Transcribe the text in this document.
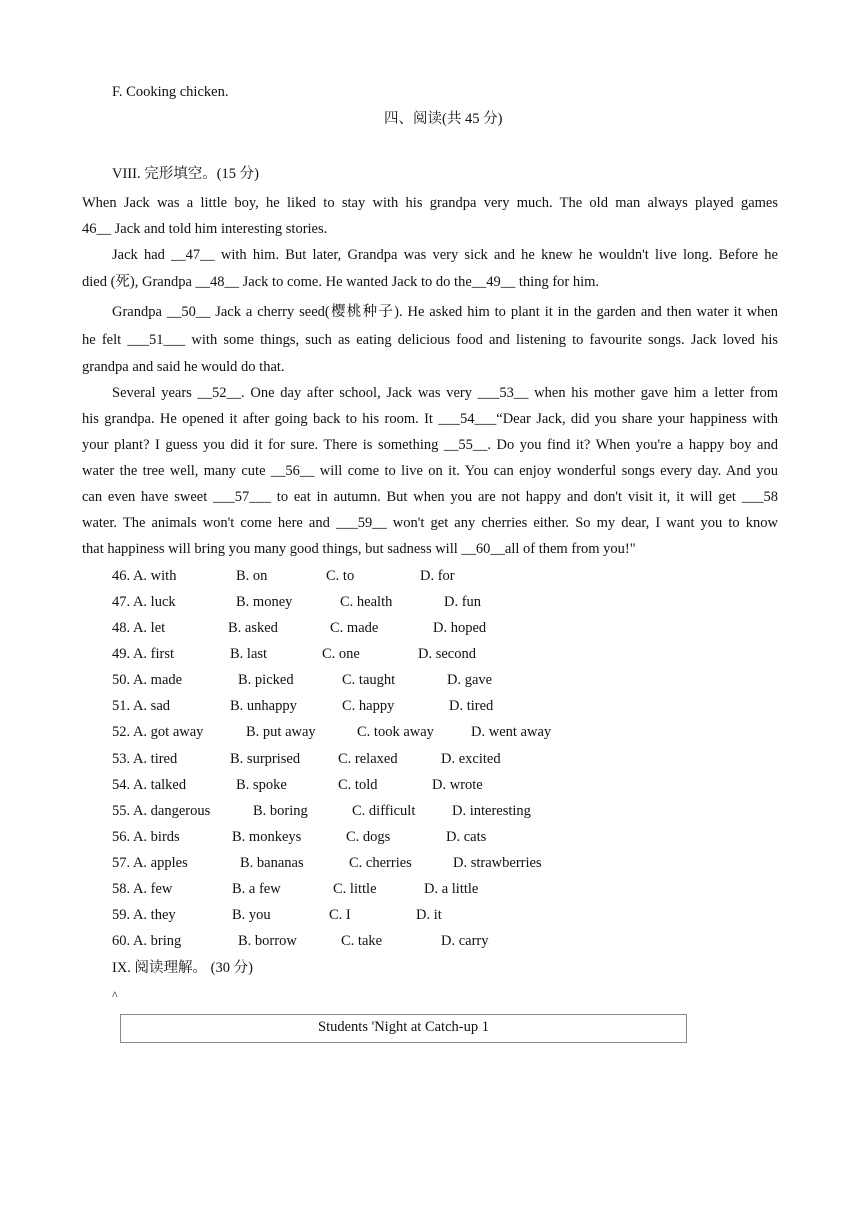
F. Cooking chicken.
四、阅读(共 45 分)
VIII. 完形填空。(15 分)
When Jack was a little boy, he liked to stay with his grandpa very much. The old man always played games
46__ Jack and told him interesting stories.
Jack had __47__ with him. But later, Grandpa was very sick and he knew he wouldn't live long. Before he
died (死), Grandpa __48__ Jack to come. He wanted Jack to do the__49__ thing for him.
Grandpa __50__ Jack a cherry seed(樱桃种子). He asked him to plant it in the garden and then water it when
he felt ___51___ with some things, such as eating delicious food and listening to favourite songs. Jack loved his
grandpa and said he would do that.
Several years __52__. One day after school, Jack was very ___53__ when his mother gave him a letter from
his grandpa. He opened it after going back to his room. It ___54___“Dear Jack, did you share your happiness with
your plant? I guess you did it for sure. There is something __55__. Do you find it? When you're a happy boy and
water the tree well, many cute __56__ will come to live on it. You can enjoy wonderful songs every day. And you
can even have sweet ___57___ to eat in autumn. But when you are not happy and don't visit it, it will get ___58
water. The animals won't come here and ___59__ won't get any cherries either. So my dear, I want you to know
that happiness will bring you many good things, but sadness will __60__all of them from you!"
46. A. with	B. on	C. to	D. for
47. A. luck	B. money	C. health	D. fun
48. A. let	B. asked	C. made	D. hoped
49. A. first	B. last	C. one	D. second
50. A. made	B. picked	C. taught	D. gave
51. A. sad	B. unhappy	C. happy	D. tired
52. A. got away	B. put away	C. took away	D. went away
53. A. tired	B. surprised	C. relaxed	D. excited
54. A. talked	B. spoke	C. told	D. wrote
55. A. dangerous	B. boring	C. difficult	D. interesting
56. A. birds	B. monkeys	C. dogs	D. cats
57. A. apples	B. bananas	C. cherries	D. strawberries
58. A. few	B. a few	C. little	D. a little
59. A. they	B. you	C. I	D. it
60. A. bring	B. borrow	C. take	D. carry
IX. 阅读理解。 (30 分)
^
Students 'Night at Catch-up 1
